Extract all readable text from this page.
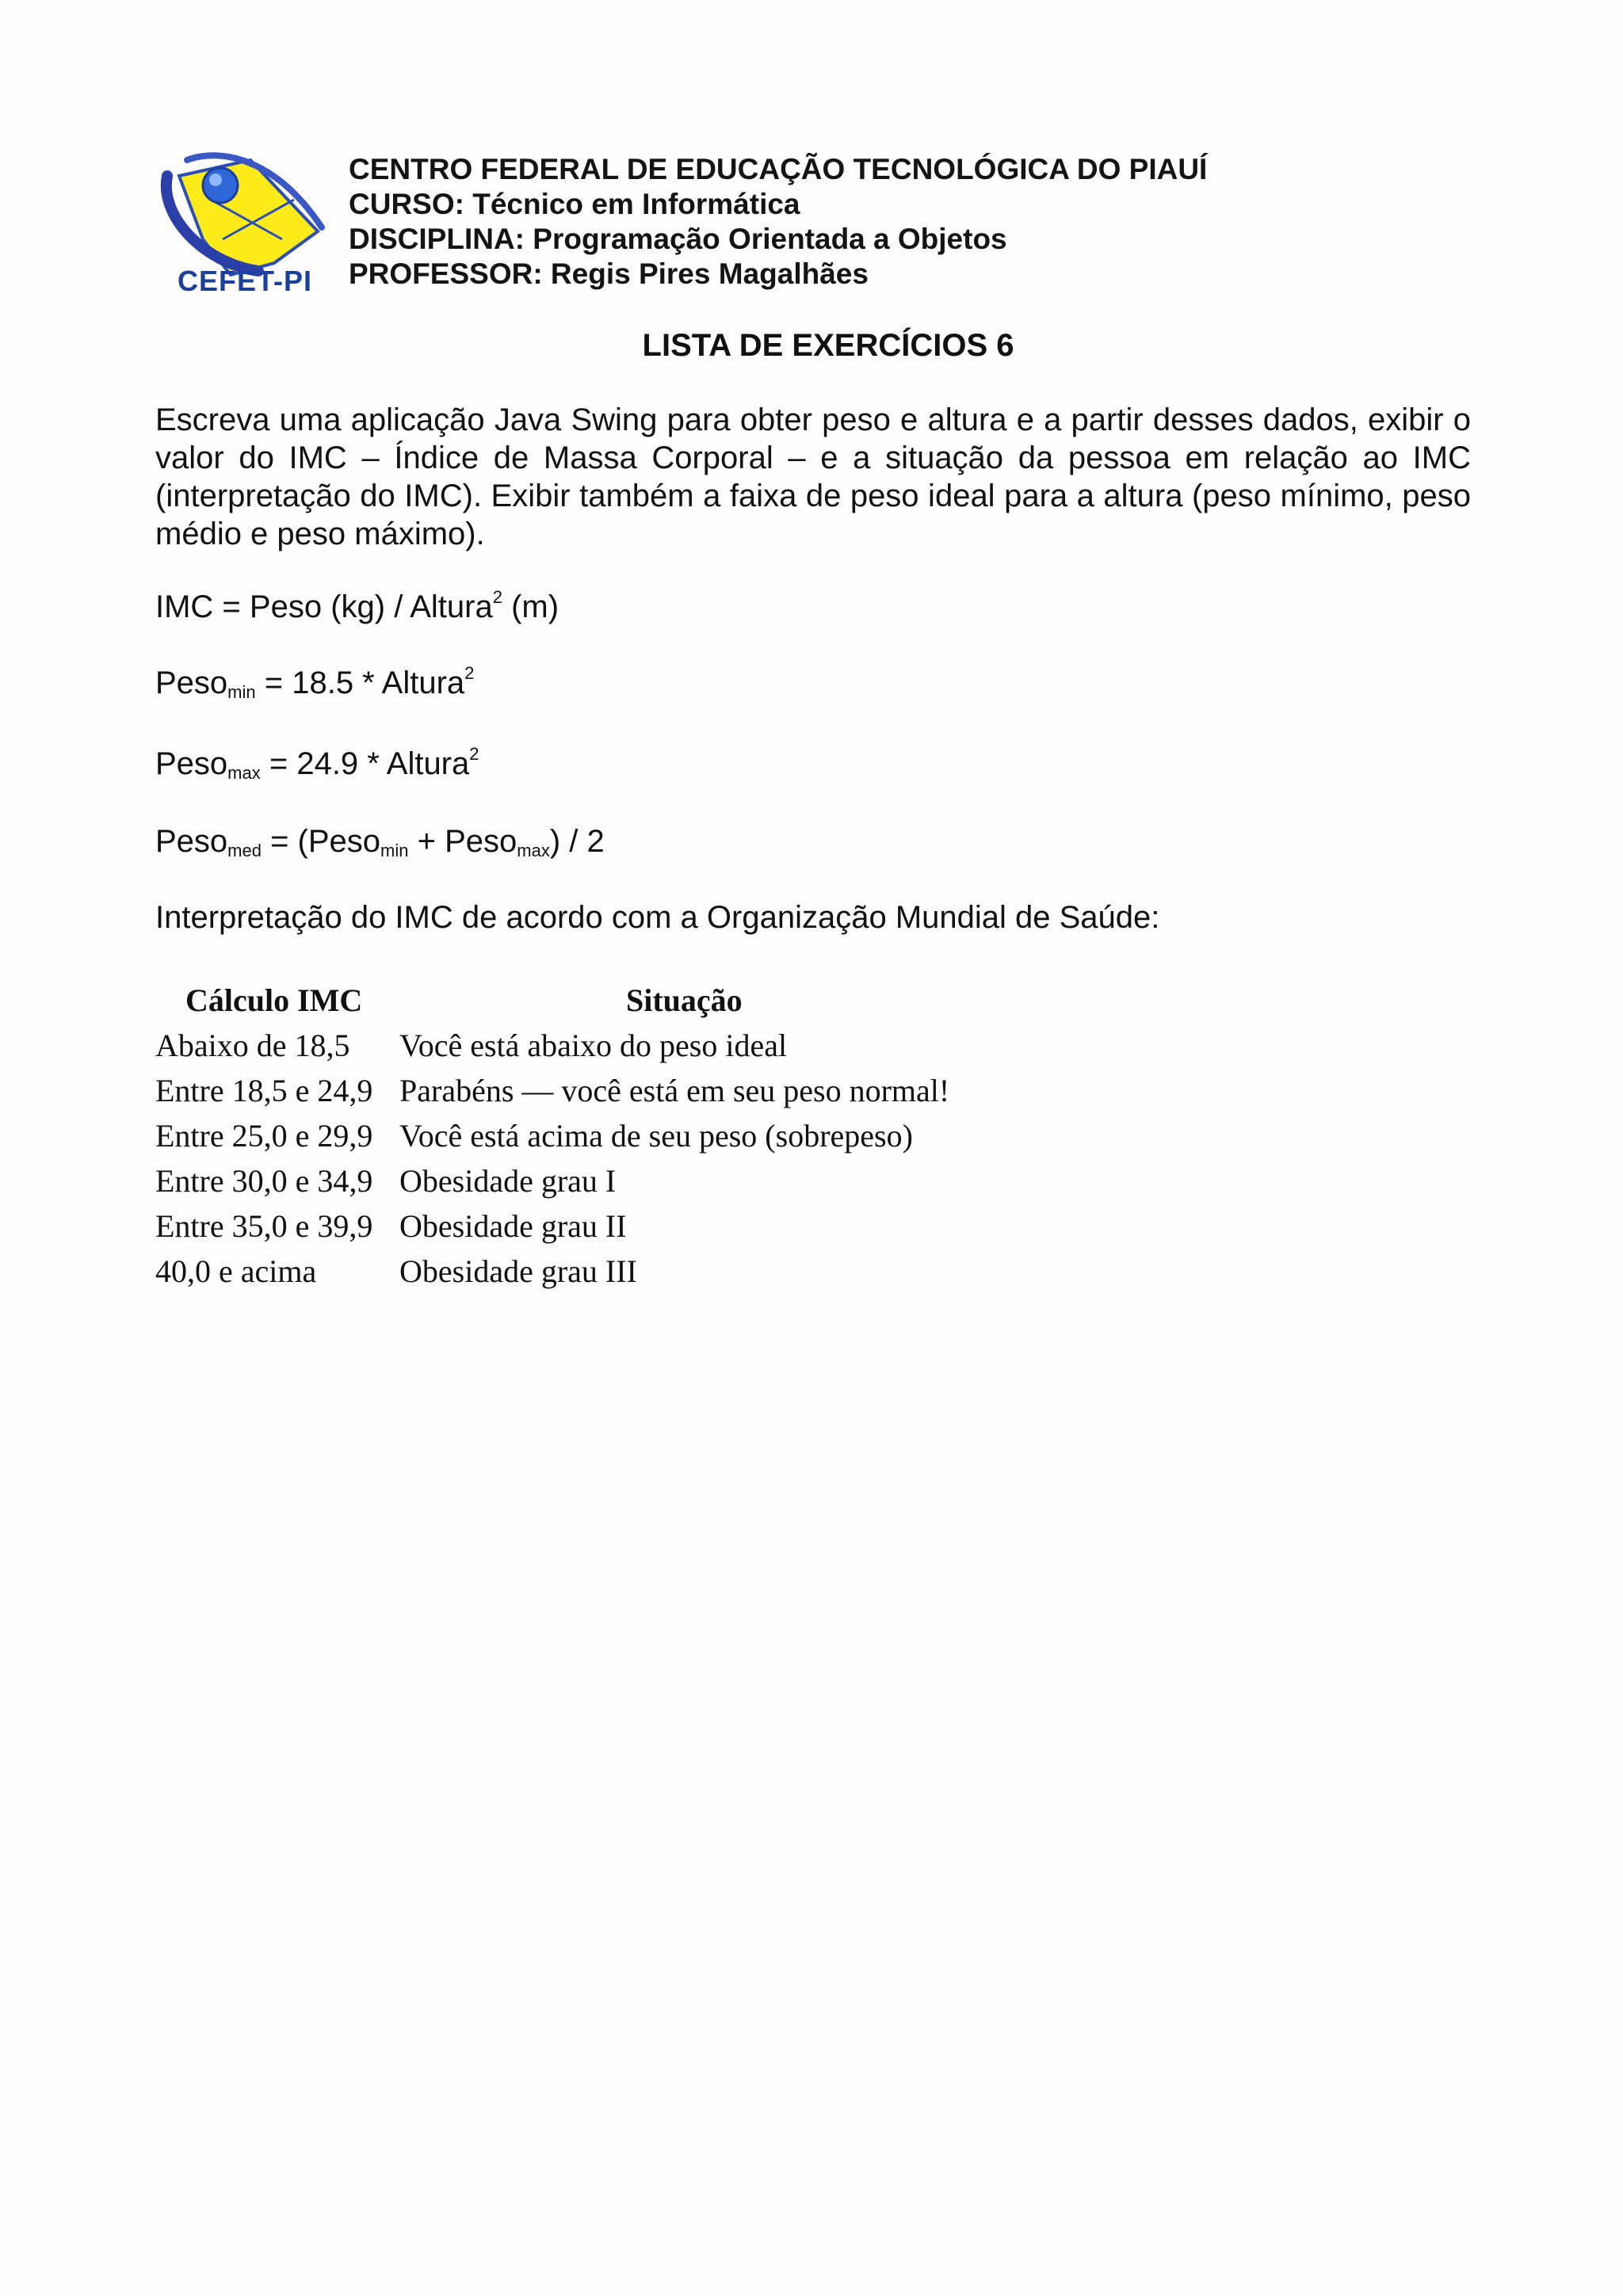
CEFET-PI
CENTRO FEDERAL DE EDUCAÇÃO TECNOLÓGICA DO PIAUÍ
CURSO: Técnico em Informática
DISCIPLINA: Programação Orientada a Objetos
PROFESSOR: Regis Pires Magalhães
LISTA DE EXERCÍCIOS 6
Escreva uma aplicação Java Swing para obter peso e altura e a partir desses dados, exibir o valor do IMC – Índice de Massa Corporal – e a situação da pessoa em relação ao IMC (interpretação do IMC). Exibir também a faixa de peso ideal para a altura (peso mínimo, peso médio e peso máximo).
IMC = Peso (kg) / Altura$^2$ (m)
Peso$_{min}$ = 18.5 * Altura$^2$
Peso$_{max}$ = 24.9 * Altura$^2$
Peso$_{med}$ = (Peso$_{min}$ + Peso$_{max}$) / 2
Interpretação do IMC de acordo com a Organização Mundial de Saúde:
Cálculo IMC	Situação
Abaixo de 18,5	Você está abaixo do peso ideal
Entre 18,5 e 24,9 Parabéns — você está em seu peso normal!
Entre 25,0 e 29,9 Você está acima de seu peso (sobrepeso)
Entre 30,0 e 34,9 Obesidade grau I
Entre 35,0 e 39,9 Obesidade grau II
40,0 e acima	Obesidade grau III
